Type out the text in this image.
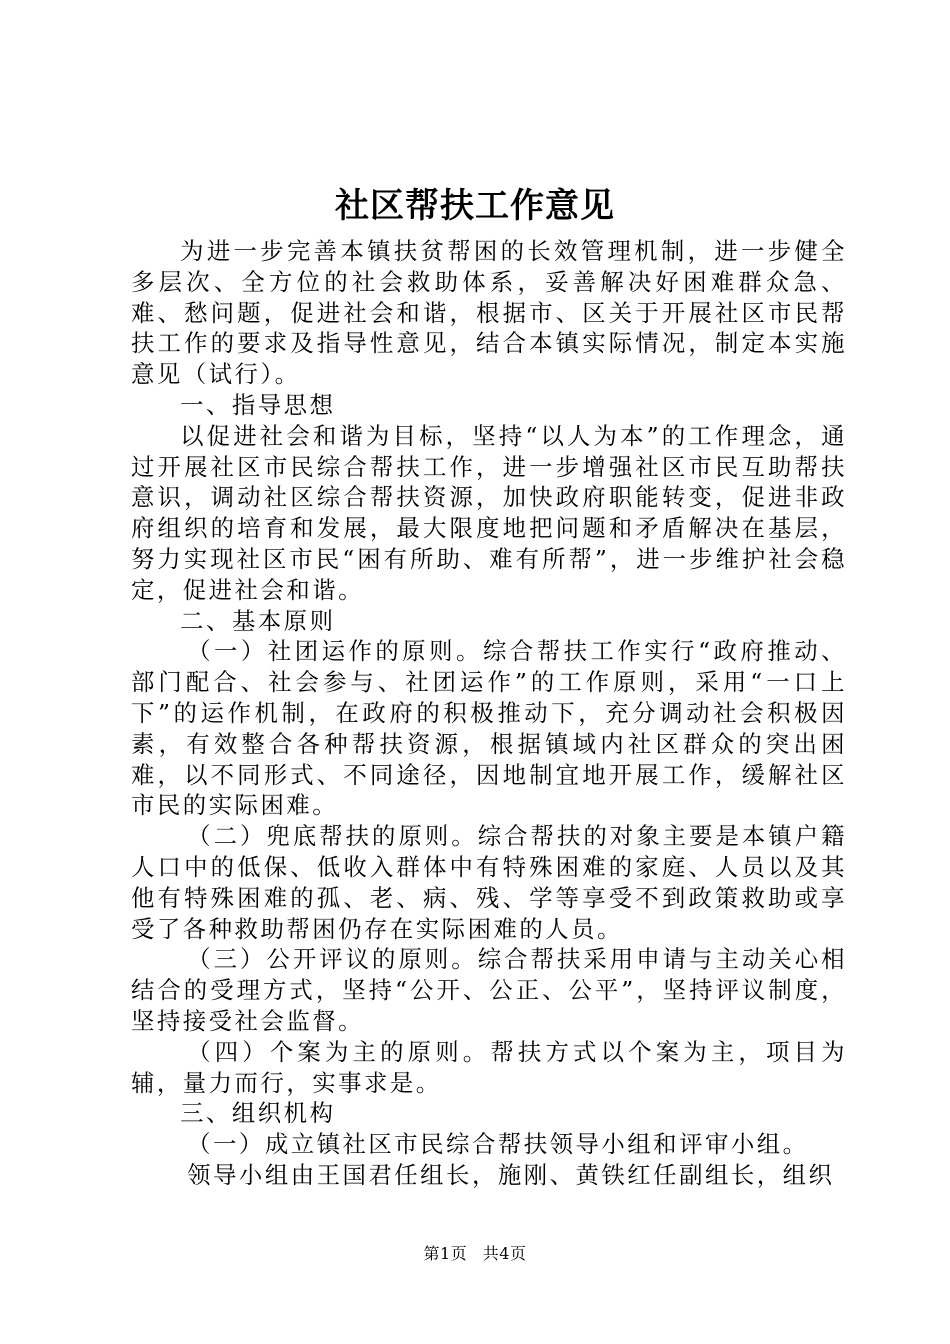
社区帮扶工作意见

为进一步完善本镇扶贫帮困的长效管理机制，进一步健全多层次、全方位的社会救助体系，妥善解决好困难群众急、难、愁问题，促进社会和谐，根据市、区关于开展社区市民帮扶工作的要求及指导性意见，结合本镇实际情况，制定本实施意见（试行）。

一、指导思想

以促进社会和谐为目标，坚持“以人为本”的工作理念，通过开展社区市民综合帮扶工作，进一步增强社区市民互助帮扶意识，调动社区综合帮扶资源，加快政府职能转变，促进非政府组织的培育和发展，最大限度地把问题和矛盾解决在基层，努力实现社区市民“困有所助、难有所帮”，进一步维护社会稳定，促进社会和谐。

二、基本原则

（一）社团运作的原则。综合帮扶工作实行“政府推动、部门配合、社会参与、社团运作”的工作原则，采用“一口上下”的运作机制，在政府的积极推动下，充分调动社会积极因素，有效整合各种帮扶资源，根据镇域内社区群众的突出困难，以不同形式、不同途径，因地制宜地开展工作，缓解社区市民的实际困难。

（二）兜底帮扶的原则。综合帮扶的对象主要是本镇户籍人口中的低保、低收入群体中有特殊困难的家庭、人员以及其他有特殊困难的孤、老、病、残、学等享受不到政策救助或享受了各种救助帮困仍存在实际困难的人员。

（三）公开评议的原则。综合帮扶采用申请与主动关心相结合的受理方式，坚持“公开、公正、公平”，坚持评议制度，坚持接受社会监督。

（四）个案为主的原则。帮扶方式以个案为主，项目为辅，量力而行，实事求是。

三、组织机构

（一）成立镇社区市民综合帮扶领导小组和评审小组。

领导小组由王国君任组长，施刚、黄铁红任副组长，组织

第1页 共4页
